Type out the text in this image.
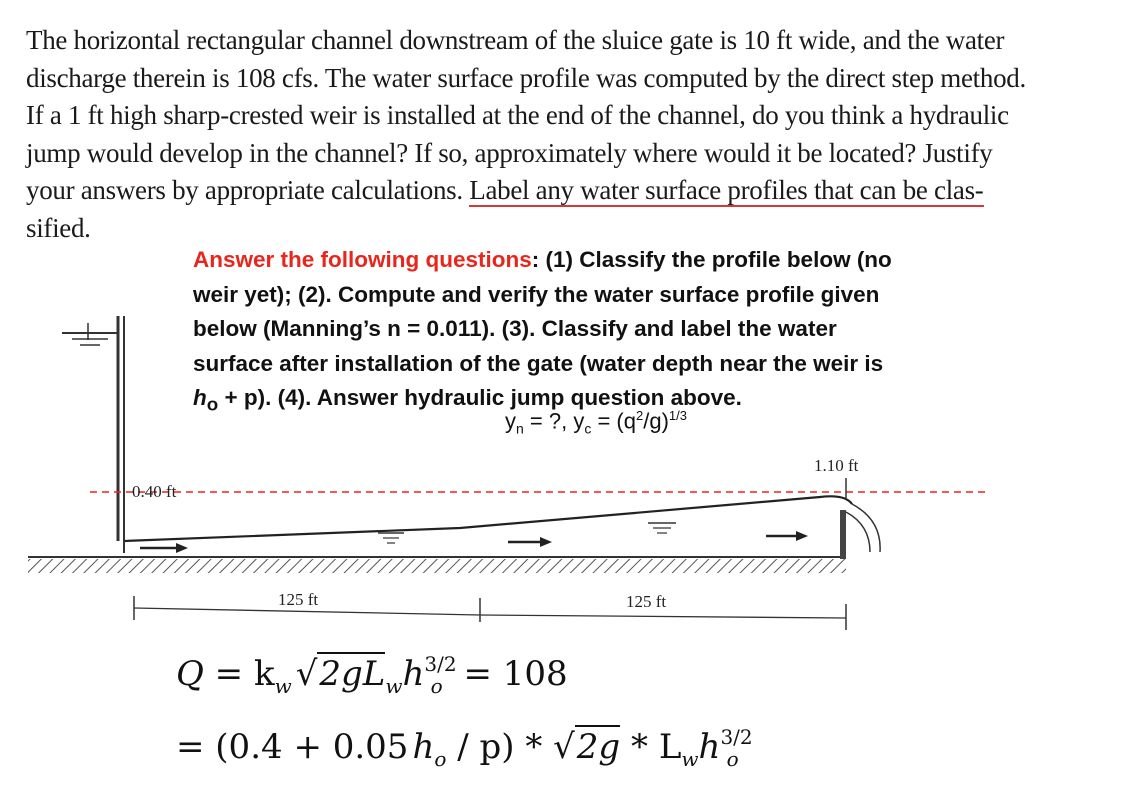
The horizontal rectangular channel downstream of the sluice gate is 10 ft wide, and the water
discharge therein is 108 cfs. The water surface profile was computed by the direct step method.
If a 1 ft high sharp-crested weir is installed at the end of the channel, do you think a hydraulic
jump would develop in the channel? If so, approximately where would it be located? Justify
your answers by appropriate calculations. Label any water surface profiles that can be clas-
sified.
Answer the following questions: (1) Classify the profile below (no
weir yet); (2). Compute and verify the water surface profile given
below (Manning’s n = 0.011). (3). Classify and label the water
surface after installation of the gate (water depth near the weir is
$h_o + p$). (4). Answer hydraulic jump question above.
$y_n$ = ?, $y_c = (q^2/g)^{1/3}$
0.40 ft
1.10 ft
125 ft	125 ft
$Q = k_w$ $√2gL_wh^{3/2}_o = 108$
= (0.4 + 0.05 $h_o / p) * √2g * L_wh^{3/2}_o$
